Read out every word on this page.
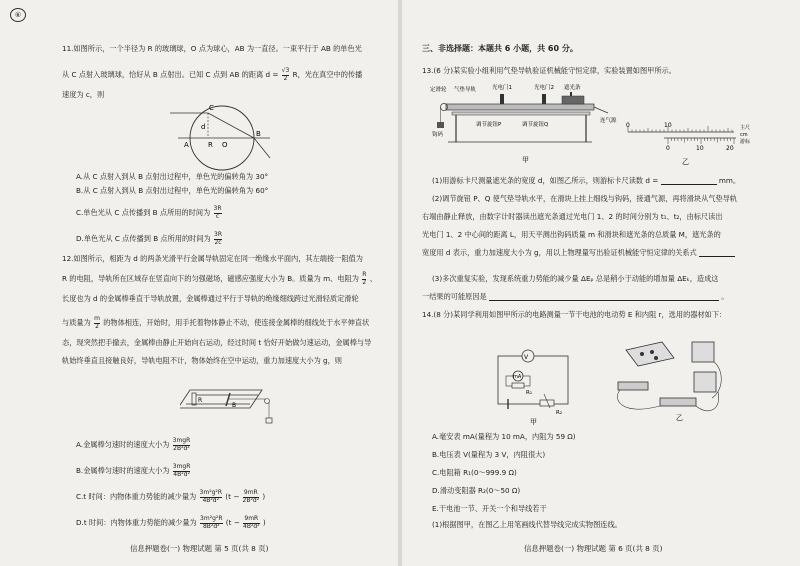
⑥
11.如图所示，一个半径为 R 的玻璃球，O 点为球心，AB 为一直径。一束平行于 AB 的单色光
从 C 点射入玻璃球，恰好从 B 点射出。已知 C 点到 AB 的距离 $d = \frac{√3}{2}$ R，光在真空中的传播
速度为 c，则
C
d
A	O
B
R
A.从 C 点射入到从 B 点射出过程中，单色光的偏转角为 30°
B.从 C 点射入到从 B 点射出过程中，单色光的偏转角为 60°
C.单色光从 C 点传播到 B 点所用的时间为 $\frac{3R}{c}$
D.单色光从 C 点传播到 B 点所用的时间为 $\frac{3R}{2c}$
12.如图所示，相距为 d 的两条光滑平行金属导轨固定在同一绝缘水平面内，其左端接一阻值为
R 的电阻，导轨所在区域存在竖直向下的匀强磁场，磁感应强度大小为 B。质量为 m、电阻为 $\frac{R}{2}$ 、
长度也为 d 的金属棒垂直于导轨放置，金属棒通过平行于导轨的绝缘细线跨过光滑轻质定滑轮
与质量为 $\frac{m}{2}$ 的物体相连，开始时，用手托着物体静止不动，使连接金属棒的细线处于水平伸直状
态，现突然把手撤去，金属棒由静止开始向右运动，经过时间 t 恰好开始做匀速运动，金属棒与导
轨始终垂直且接触良好，导轨电阻不计，物体始终在空中运动，重力加速度大小为 g，则
R
B
A.金属棒匀速时的速度大小为 $\frac{\text{3mgR}}{\text{2B²d²}}$
B.金属棒匀速时的速度大小为 $\frac{\text{3mgR}}{\text{4B²d²}}$
C.t 时间：内物体重力势能的减少量为 $\frac{\text{3m²g²R}}{\text{4B²d²}} (t - \frac{9mR}{\text{2B²d²}}$ )
D.t 时间：内物体重力势能的减少量为 $\frac{\text{3m²g²R}}{\text{8B²d²}} (t - \frac{9mR}{\text{4B²d²}}$ )
信息押题卷(一) 物理试题 第 5 页(共 8 页)
三、非选择题：本题共 6 小题，共 60 分。
13.(6 分)某实验小组利用气垫导轨验证机械能守恒定律，实验装置如图甲所示。
定滑轮 气垫导轨	光电门1	光电门2 遮光条
钩码
调节旋钮P	调节旋钮Q
连气源
甲
0	10
0	10	20
主尺
cm
游标
乙
(1)用游标卡尺测量遮光条的宽度 d，如图乙所示，则游标卡尺读数 d =	mm。
(2)调节旋钮 P、Q 使气垫导轨水平，在滑块上挂上细线与钩码，接通气源，再将滑块从气垫导轨
右端由静止释放，由数字计时器读出遮光条通过光电门 1、2 的时间分别为 t₁、t₂，由标尺读出
光电门 1、2 中心间的距离 L，用天平测出钩码质量 m 和滑块和遮光条的总质量 M，遮光条的
宽度用 d 表示，重力加速度大小为 g，用以上物理量写出验证机械能守恒定律的关系式
(3)多次重复实验，发现系统重力势能的减少量 ΔEₚ 总是稍小于动能的增加量 ΔEₖ，造成这
一结果的可能原因是	。
14.(8 分)某同学利用如图甲所示的电路测量一节干电池的电动势 E 和内阻 r，选用的器材如下：
V
mA
R₁
R₂
甲	乙
A.毫安表 mA(量程为 10 mA，内阻为 59 Ω)
B.电压表 V(量程为 3 V，内阻很大)
C.电阻箱 R₁(0～999.9 Ω)
D.滑动变阻器 R₂(0～50 Ω)
E.干电池一节、开关一个和导线若干
(1)根据图甲，在图乙上用笔画线代替导线完成实物图连线。
信息押题卷(一) 物理试题 第 6 页(共 8 页)
